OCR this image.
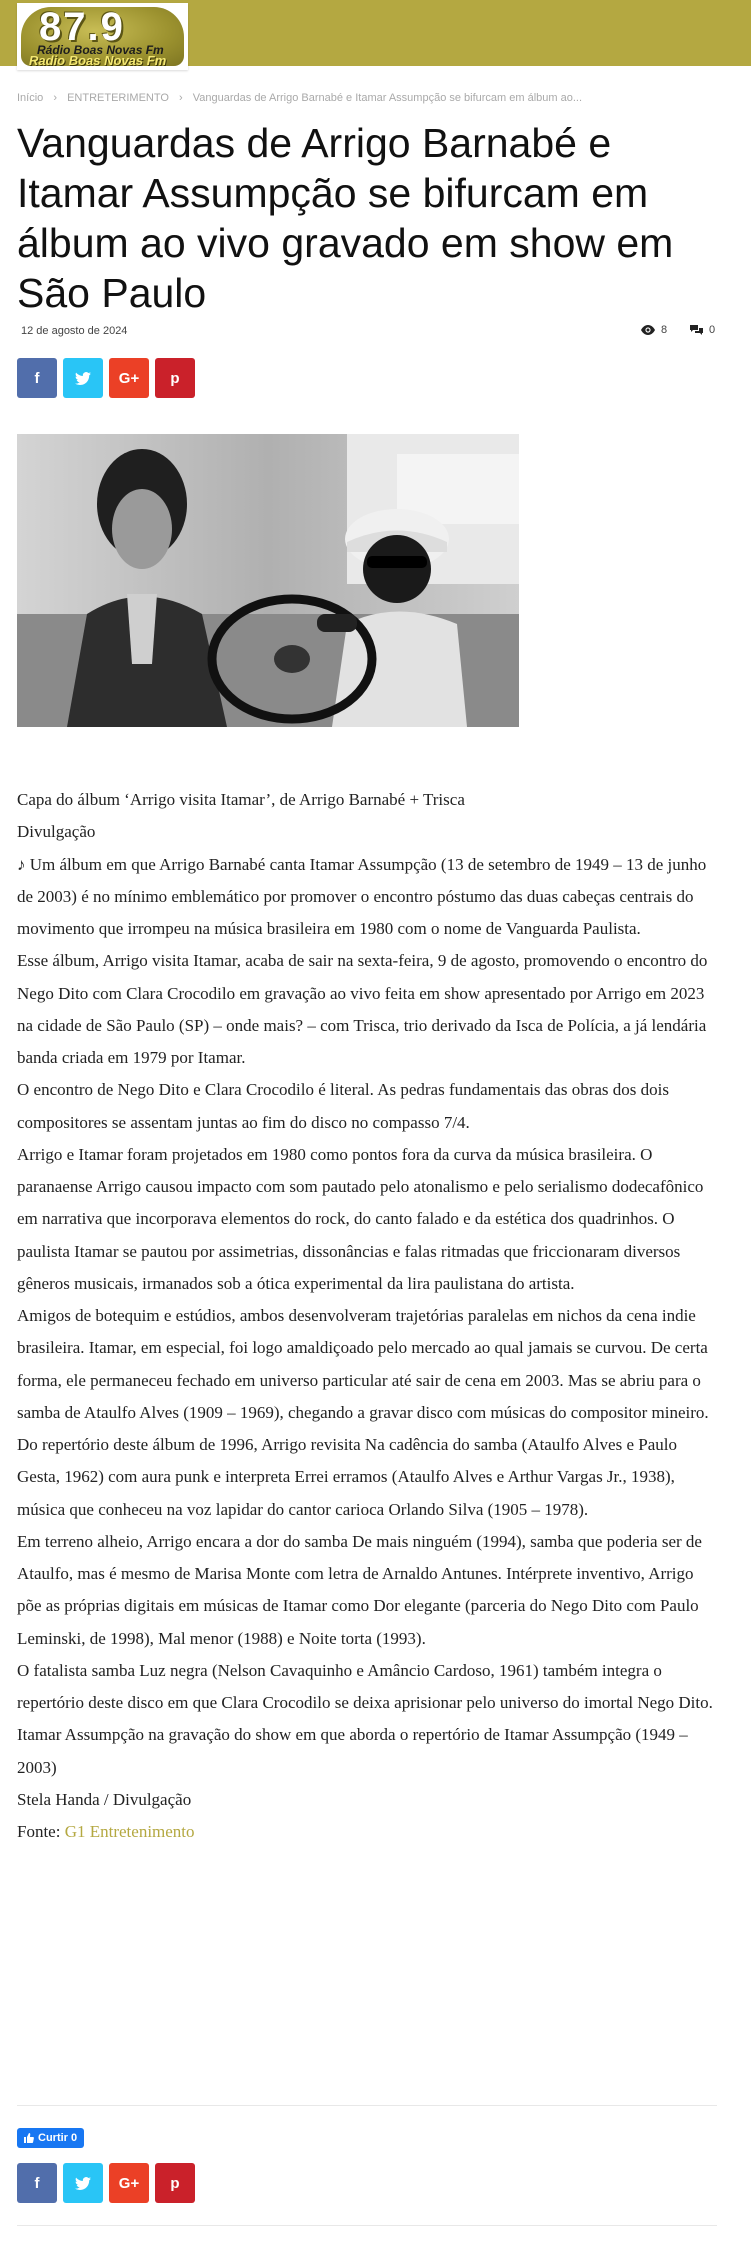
87.9
Rádio Boas Novas Fm
Radio Boas Novas Fm
Início › ENTRETERIMENTO › Vanguardas de Arrigo Barnabé e Itamar Assumpção se bifurcam em álbum ao...
Vanguardas de Arrigo Barnabé e Itamar Assumpção se bifurcam em álbum ao vivo gravado em show em São Paulo
12 de agosto de 2024	8	0
f	G+ p

Capa do álbum ‘Arrigo visita Itamar’, de Arrigo Barnabé + Trisca

Divulgação

♪ Um álbum em que Arrigo Barnabé canta Itamar Assumpção (13 de setembro de 1949 – 13 de junho de 2003) é no mínimo emblemático por promover o encontro póstumo das duas cabeças centrais do movimento que irrompeu na música brasileira em 1980 com o nome de Vanguarda Paulista.

Esse álbum, Arrigo visita Itamar, acaba de sair na sexta-feira, 9 de agosto, promovendo o encontro do Nego Dito com Clara Crocodilo em gravação ao vivo feita em show apresentado por Arrigo em 2023 na cidade de São Paulo (SP) – onde mais? – com Trisca, trio derivado da Isca de Polícia, a já lendária banda criada em 1979 por Itamar.

O encontro de Nego Dito e Clara Crocodilo é literal. As pedras fundamentais das obras dos dois compositores se assentam juntas ao fim do disco no compasso 7/4.

Arrigo e Itamar foram projetados em 1980 como pontos fora da curva da música brasileira. O paranaense Arrigo causou impacto com som pautado pelo atonalismo e pelo serialismo dodecafônico em narrativa que incorporava elementos do rock, do canto falado e da estética dos quadrinhos. O paulista Itamar se pautou por assimetrias, dissonâncias e falas ritmadas que friccionaram diversos gêneros musicais, irmanados sob a ótica experimental da lira paulistana do artista.

Amigos de botequim e estúdios, ambos desenvolveram trajetórias paralelas em nichos da cena indie brasileira. Itamar, em especial, foi logo amaldiçoado pelo mercado ao qual jamais se curvou. De certa forma, ele permaneceu fechado em universo particular até sair de cena em 2003. Mas se abriu para o samba de Ataulfo Alves (1909 – 1969), chegando a gravar disco com músicas do compositor mineiro.

Do repertório deste álbum de 1996, Arrigo revisita Na cadência do samba (Ataulfo Alves e Paulo Gesta, 1962) com aura punk e interpreta Errei erramos (Ataulfo Alves e Arthur Vargas Jr., 1938), música que conheceu na voz lapidar do cantor carioca Orlando Silva (1905 – 1978).

Em terreno alheio, Arrigo encara a dor do samba De mais ninguém (1994), samba que poderia ser de Ataulfo, mas é mesmo de Marisa Monte com letra de Arnaldo Antunes. Intérprete inventivo, Arrigo põe as próprias digitais em músicas de Itamar como Dor elegante (parceria do Nego Dito com Paulo Leminski, de 1998), Mal menor (1988) e Noite torta (1993).

O fatalista samba Luz negra (Nelson Cavaquinho e Amâncio Cardoso, 1961) também integra o repertório deste disco em que Clara Crocodilo se deixa aprisionar pelo universo do imortal Nego Dito.

Itamar Assumpção na gravação do show em que aborda o repertório de Itamar Assumpção (1949 – 2003)

Stela Handa / Divulgação

Fonte: G1 Entretenimento

Curtir 0
f	G+ p
